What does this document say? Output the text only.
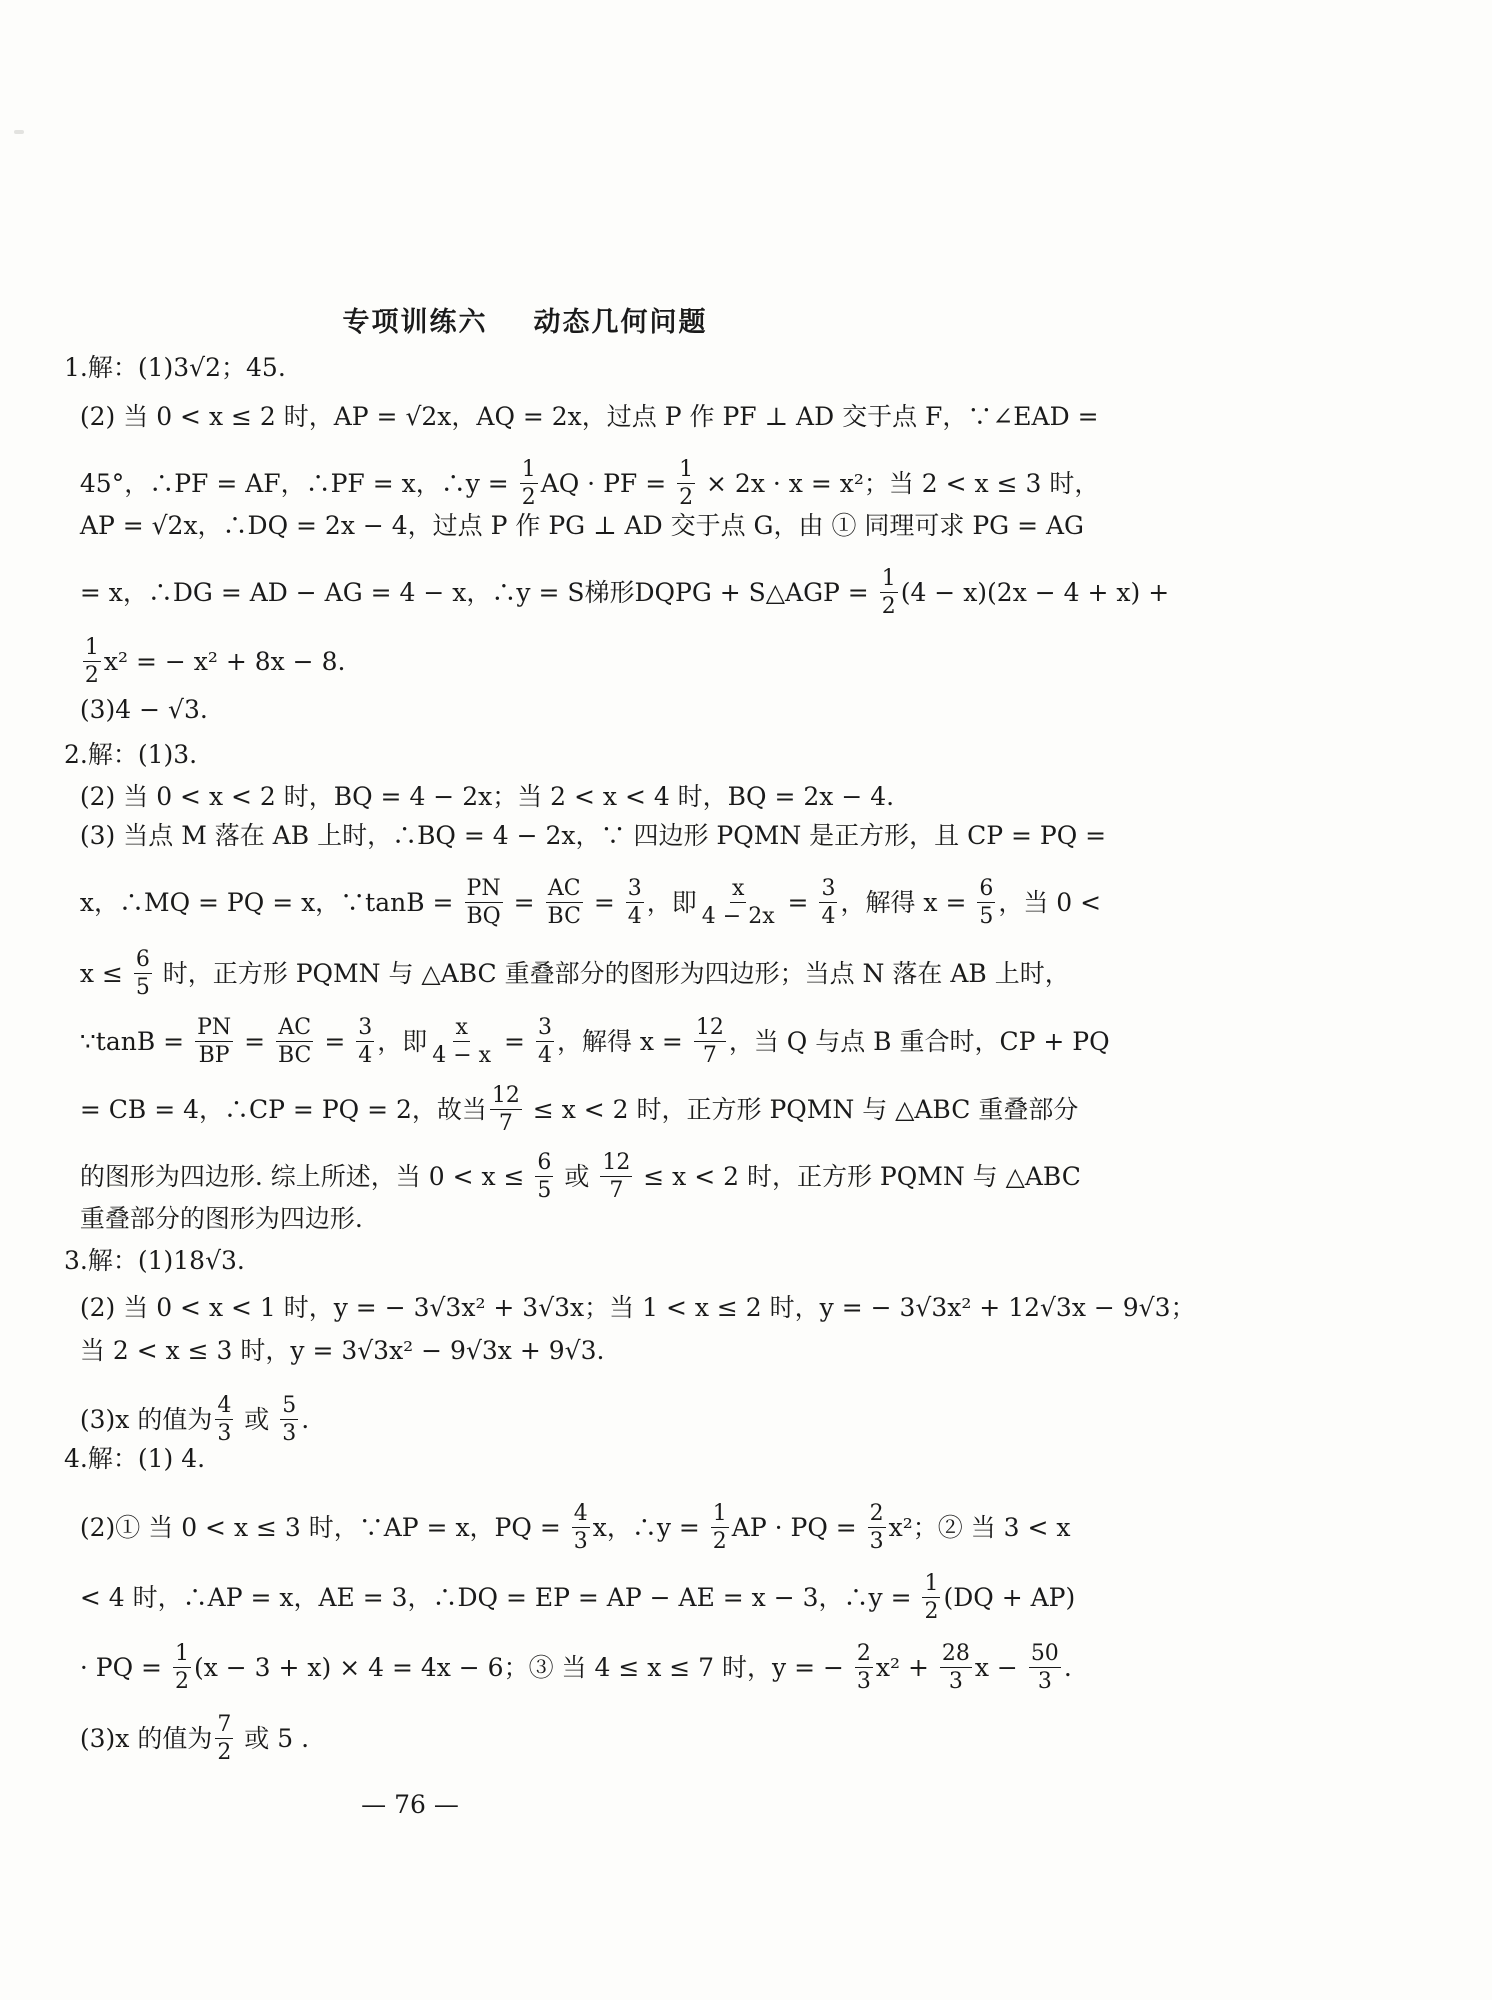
专项训练六 动态几何问题
1.解：(1)3√2；45.
(2) 当 0 < x ≤ 2 时，AP = √2x，AQ = 2x，过点 P 作 PF ⊥ AD 交于点 F，∵∠EAD =
45°，∴PF = AF，∴PF = x，∴y = $\frac{1}{2}$ AQ · PF = $\frac{1}{2} \times 2x \cdot x = x^2$；当 2 < x ≤ 3 时，
AP = √2x，∴DQ = 2x − 4，过点 P 作 PG ⊥ AD 交于点 G，由 ① 同理可求 PG = AG
= x，∴DG = AD − AG = 4 − x，∴y = S梯形DQPG + S△AGP = $\frac{1}{2} (4 - x)(2x - 4 + x)$ +

$\frac{1}{2} x^2$ = − x² + 8x − 8.
(3)4 − √3.
2.解：(1)3.
(2) 当 0 < x < 2 时，BQ = 4 − 2x；当 2 < x < 4 时，BQ = 2x − 4.
(3) 当点 M 落在 AB 上时，∴BQ = 4 − 2x，∵ 四边形 PQMN 是正方形，且 CP = PQ =
x，∴MQ = PQ = x，∵tanB = $\frac{PN}{BQ} = \frac{AC}{BC} = \frac{3}{4}$ ，即 $\frac{x}{4 - 2x} = \frac{3}{4}$ ，解得 $x = \frac{6}{5}$ ，当 0 <
$x \le \frac{6}{5}$ 时，正方形 PQMN 与 △ABC 重叠部分的图形为四边形；当点 N 落在 AB 上时，
∵tanB = $\frac{PN}{BP} = \frac{AC}{BC} = \frac{3}{4}$ ，即 $\frac{x}{4 - x} = \frac{3}{4}$ ，解得 $x = \frac{12}{7}$ ，当 Q 与点 B 重合时，CP + PQ
= CB = 4，∴CP = PQ = 2，故当 $\frac{12}{7} \le x < 2$ 时，正方形 PQMN 与 △ABC 重叠部分
的图形为四边形. 综上所述，当 $0 < x \le \frac{6}{5}$ 或 $\frac{12}{7} \le x < 2$ 时，正方形 PQMN 与 △ABC
重叠部分的图形为四边形.
3.解：(1)18√3.
(2) 当 0 < x < 1 时，y = − 3√3x² + 3√3x；当 1 < x ≤ 2 时，y = − 3√3x² + 12√3x − 9√3；
当 2 < x ≤ 3 时，y = 3√3x² − 9√3x + 9√3.
(3)x 的值为 $\frac{4}{3}$ 或 $\frac{5}{3}$ .
4.解：(1) 4.
(2)① 当 0 < x ≤ 3 时，∵AP = x，PQ = $\frac{4}{3}$ x，∴y = $\frac{1}{2}$ AP · PQ = $\frac{2}{3} x^2$；② 当 3 < x
< 4 时，∴AP = x，AE = 3，∴DQ = EP = AP − AE = x − 3，∴y = $\frac{1}{2} (DQ + AP)$
· PQ = $\frac{1}{2} (x - 3 + x) \times 4 = 4x - 6$；③ 当 4 ≤ x ≤ 7 时，y = − $\frac{2}{3} x^2 + \frac{28}{3}$ $x - \frac{50}{3}$ .
(3)x 的值为 $\frac{7}{2}$ 或 5 .
— 76 —
